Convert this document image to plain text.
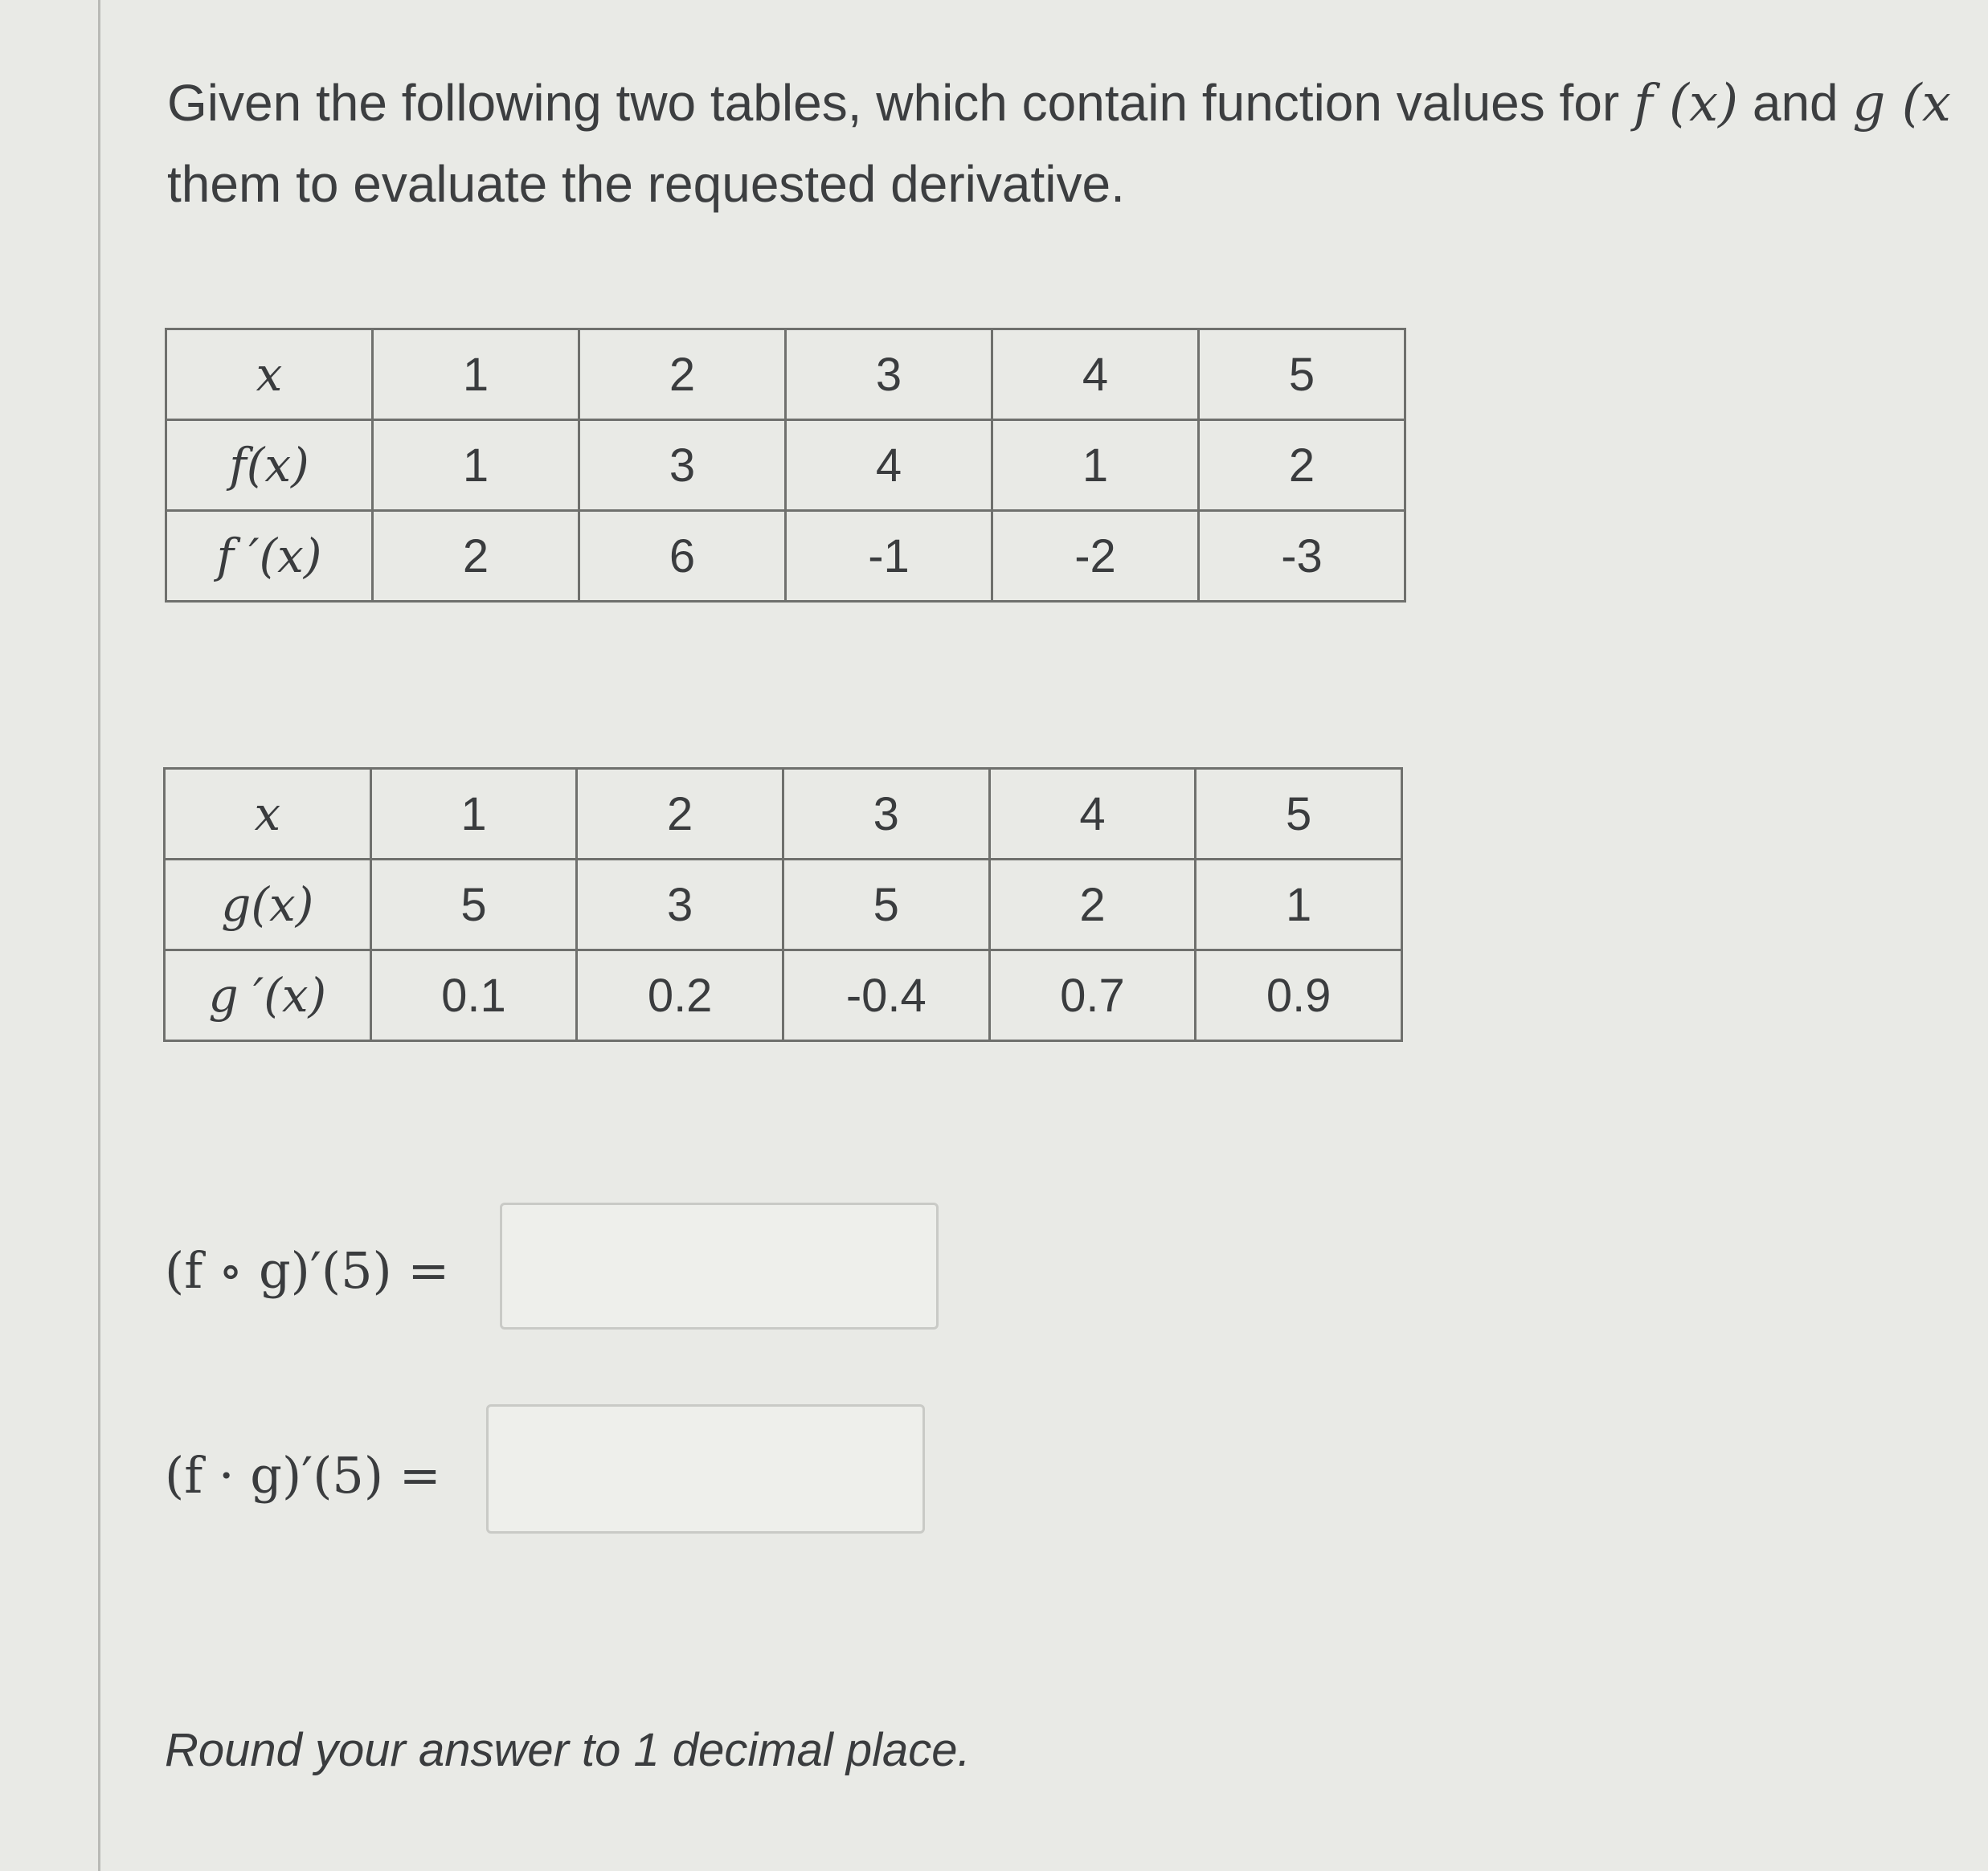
Given the following two tables, which contain function values for f (x) and g (x
them to evaluate the requested derivative.
x	1	2	3	4	5
f(x)	1	3	4	1	2
f ′(x)	2	6	-1	-2	-3
x	1	2	3	4	5
g(x)	5	3	5	2	1
g ′(x)	0.1	0.2	-0.4	0.7	0.9
(f ∘ g)′(5) =
(f · g)′(5) =
Round your answer to 1 decimal place.
